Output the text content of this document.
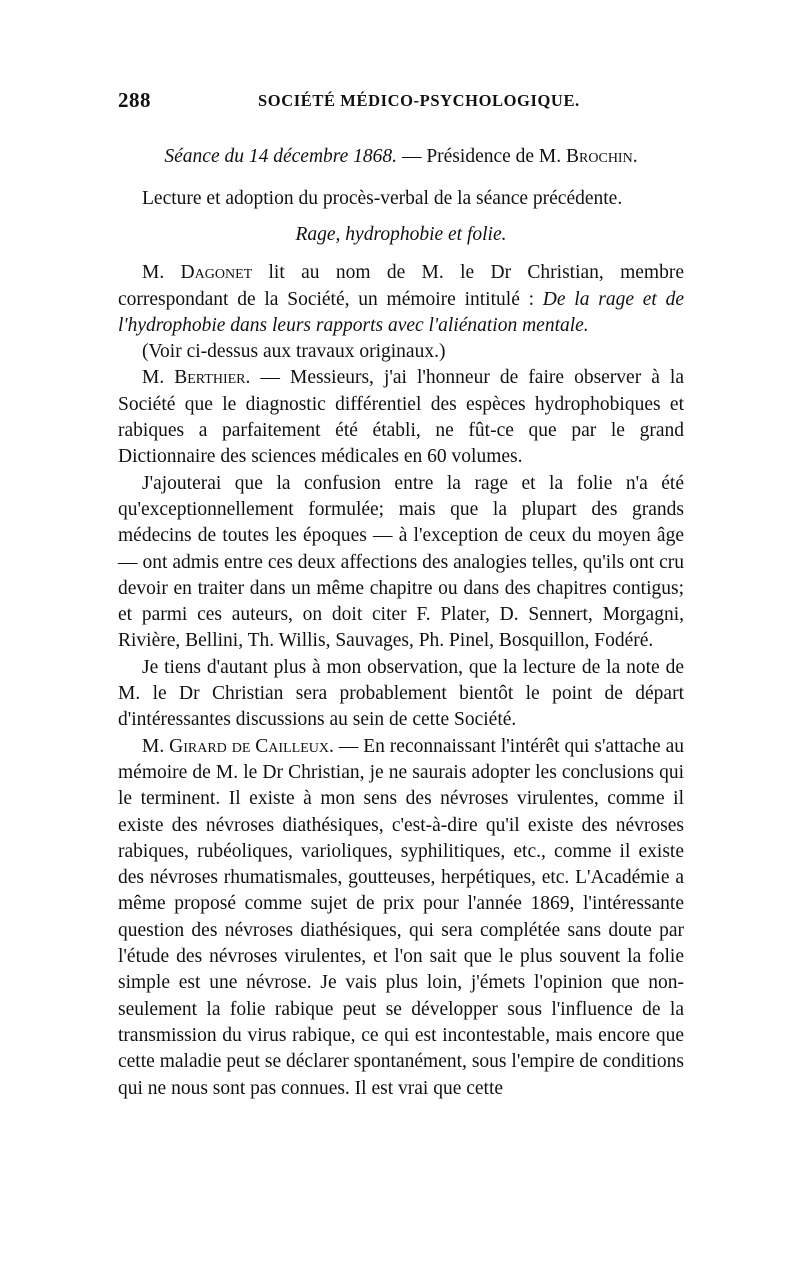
288	SOCIÉTÉ MÉDICO-PSYCHOLOGIQUE.
Séance du 14 décembre 1868. — Présidence de M. Brochin.

Lecture et adoption du procès-verbal de la séance précédente.

Rage, hydrophobie et folie.

M. Dagonet lit au nom de M. le Dr Christian, membre correspondant de la Société, un mémoire intitulé : De la rage et de l'hydrophobie dans leurs rapports avec l'aliénation mentale.

(Voir ci-dessus aux travaux originaux.)

M. Berthier. — Messieurs, j'ai l'honneur de faire observer à la Société que le diagnostic différentiel des espèces hydrophobiques et rabiques a parfaitement été établi, ne fût-ce que par le grand Dictionnaire des sciences médicales en 60 volumes.

J'ajouterai que la confusion entre la rage et la folie n'a été qu'exceptionnellement formulée; mais que la plupart des grands médecins de toutes les époques — à l'exception de ceux du moyen âge — ont admis entre ces deux affections des analogies telles, qu'ils ont cru devoir en traiter dans un même chapitre ou dans des chapitres contigus; et parmi ces auteurs, on doit citer F. Plater, D. Sennert, Morgagni, Rivière, Bellini, Th. Willis, Sauvages, Ph. Pinel, Bosquillon, Fodéré.

Je tiens d'autant plus à mon observation, que la lecture de la note de M. le Dr Christian sera probablement bientôt le point de départ d'intéressantes discussions au sein de cette Société.

M. Girard de Cailleux. — En reconnaissant l'intérêt qui s'attache au mémoire de M. le Dr Christian, je ne saurais adopter les conclusions qui le terminent. Il existe à mon sens des névroses virulentes, comme il existe des névroses diathésiques, c'est-à-dire qu'il existe des névroses rabiques, rubéoliques, varioliques, syphilitiques, etc., comme il existe des névroses rhumatismales, goutteuses, herpétiques, etc. L'Académie a même proposé comme sujet de prix pour l'année 1869, l'intéressante question des névroses diathésiques, qui sera complétée sans doute par l'étude des névroses virulentes, et l'on sait que le plus souvent la folie simple est une névrose. Je vais plus loin, j'émets l'opinion que non-seulement la folie rabique peut se développer sous l'influence de la transmission du virus rabique, ce qui est incontestable, mais encore que cette maladie peut se déclarer spontanément, sous l'empire de conditions qui ne nous sont pas connues. Il est vrai que cette
